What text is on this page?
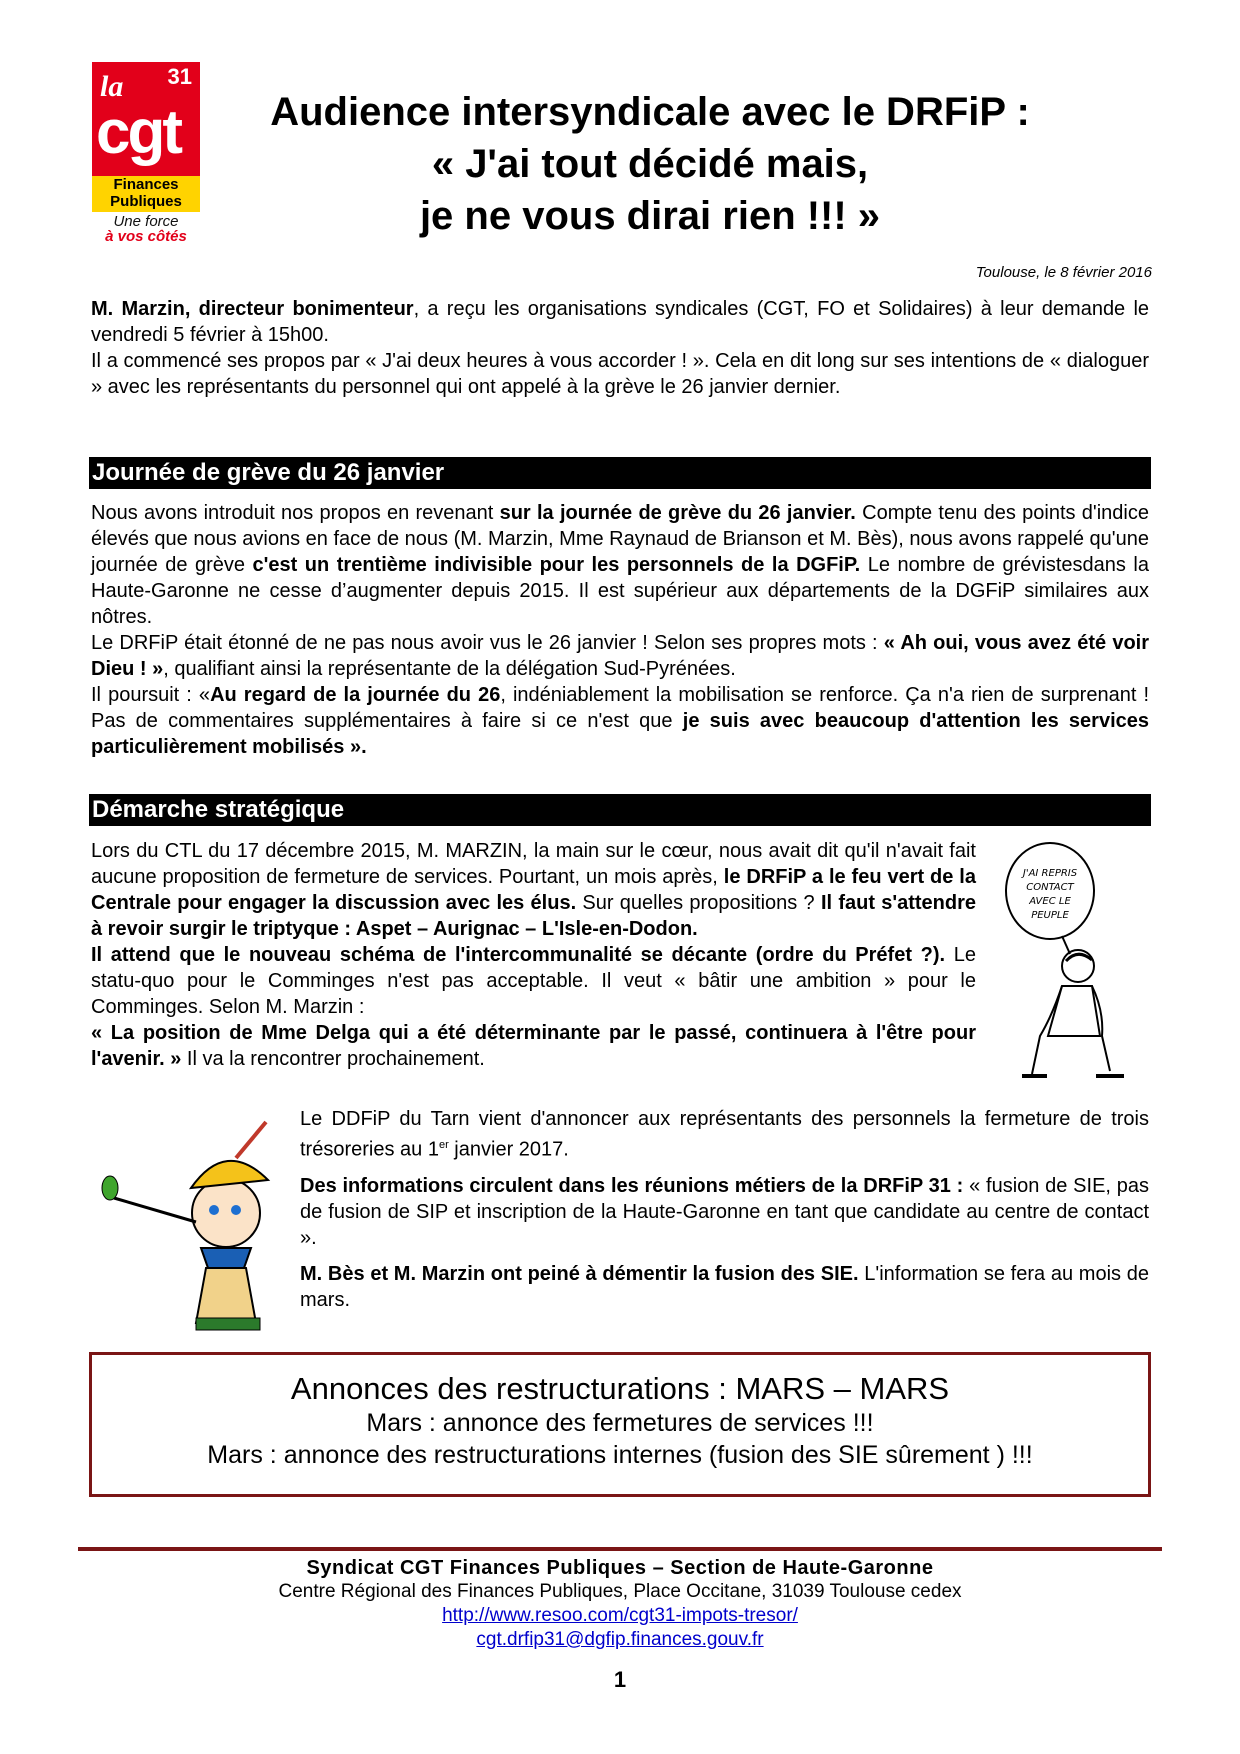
31
la
cgt
Finances
Publiques
Une force
à vos côtés
Audience intersyndicale avec le DRFiP :
« J'ai tout décidé mais,
je ne vous dirai rien !!! »
Toulouse, le 8 février 2016

M. Marzin, directeur bonimenteur, a reçu les organisations syndicales (CGT, FO et Solidaires) à leur demande le vendredi 5 février à 15h00.

Il a commencé ses propos par « J'ai deux heures à vous accorder ! ». Cela en dit long sur ses intentions de « dialoguer » avec les représentants du personnel qui ont appelé à la grève le 26 janvier dernier.

Journée de grève du 26 janvier

Nous avons introduit nos propos en revenant sur la journée de grève du 26 janvier. Compte tenu des points d'indice élevés que nous avions en face de nous (M. Marzin, Mme Raynaud de Brianson et M. Bès), nous avons rappelé qu'une journée de grève c'est un trentième indivisible pour les personnels de la DGFiP. Le nombre de grévistesdans la Haute-Garonne ne cesse d’augmenter depuis 2015. Il est supérieur aux départements de la DGFiP similaires aux nôtres.

Le DRFiP était étonné de ne pas nous avoir vus le 26 janvier ! Selon ses propres mots : « Ah oui, vous avez été voir Dieu ! », qualifiant ainsi la représentante de la délégation Sud-Pyrénées.

Il poursuit : «Au regard de la journée du 26, indéniablement la mobilisation se renforce. Ça n'a rien de surprenant ! Pas de commentaires supplémentaires à faire si ce n'est que je suis avec beaucoup d'attention les services particulièrement mobilisés ».

Démarche stratégique

Lors du CTL du 17 décembre 2015, M. MARZIN, la main sur le cœur, nous avait dit qu'il n'avait fait aucune proposition de fermeture de services. Pourtant, un mois après, le DRFiP a le feu vert de la Centrale pour engager la discussion avec les élus. Sur quelles propositions ? Il faut s'attendre à revoir surgir le triptyque : Aspet – Aurignac – L'Isle-en-Dodon.

Il attend que le nouveau schéma de l'intercommunalité se décante (ordre du Préfet ?). Le statu-quo pour le Comminges n'est pas acceptable. Il veut « bâtir une ambition » pour le Comminges. Selon M. Marzin :

« La position de Mme Delga qui a été déterminante par le passé, continuera à l'être pour l'avenir. » Il va la rencontrer prochainement.

J'AI REPRIS
CONTACT
AVEC LE
PEUPLE

Le DDFiP du Tarn vient d'annoncer aux représentants des personnels la fermeture de trois trésoreries au 1er janvier 2017.

Des informations circulent dans les réunions métiers de la DRFiP 31 : « fusion de SIE, pas de fusion de SIP et inscription de la Haute-Garonne en tant que candidate au centre de contact ».

M. Bès et M. Marzin ont peiné à démentir la fusion des SIE. L'information se fera au mois de mars.

Annonces des restructurations : MARS – MARS
Mars : annonce des fermetures de services !!!
Mars : annonce des restructurations internes (fusion des SIE sûrement ) !!!
Syndicat CGT Finances Publiques – Section de Haute-Garonne
Centre Régional des Finances Publiques, Place Occitane, 31039 Toulouse cedex
http://www.resoo.com/cgt31-impots-tresor/
cgt.drfip31@dgfip.finances.gouv.fr
1
